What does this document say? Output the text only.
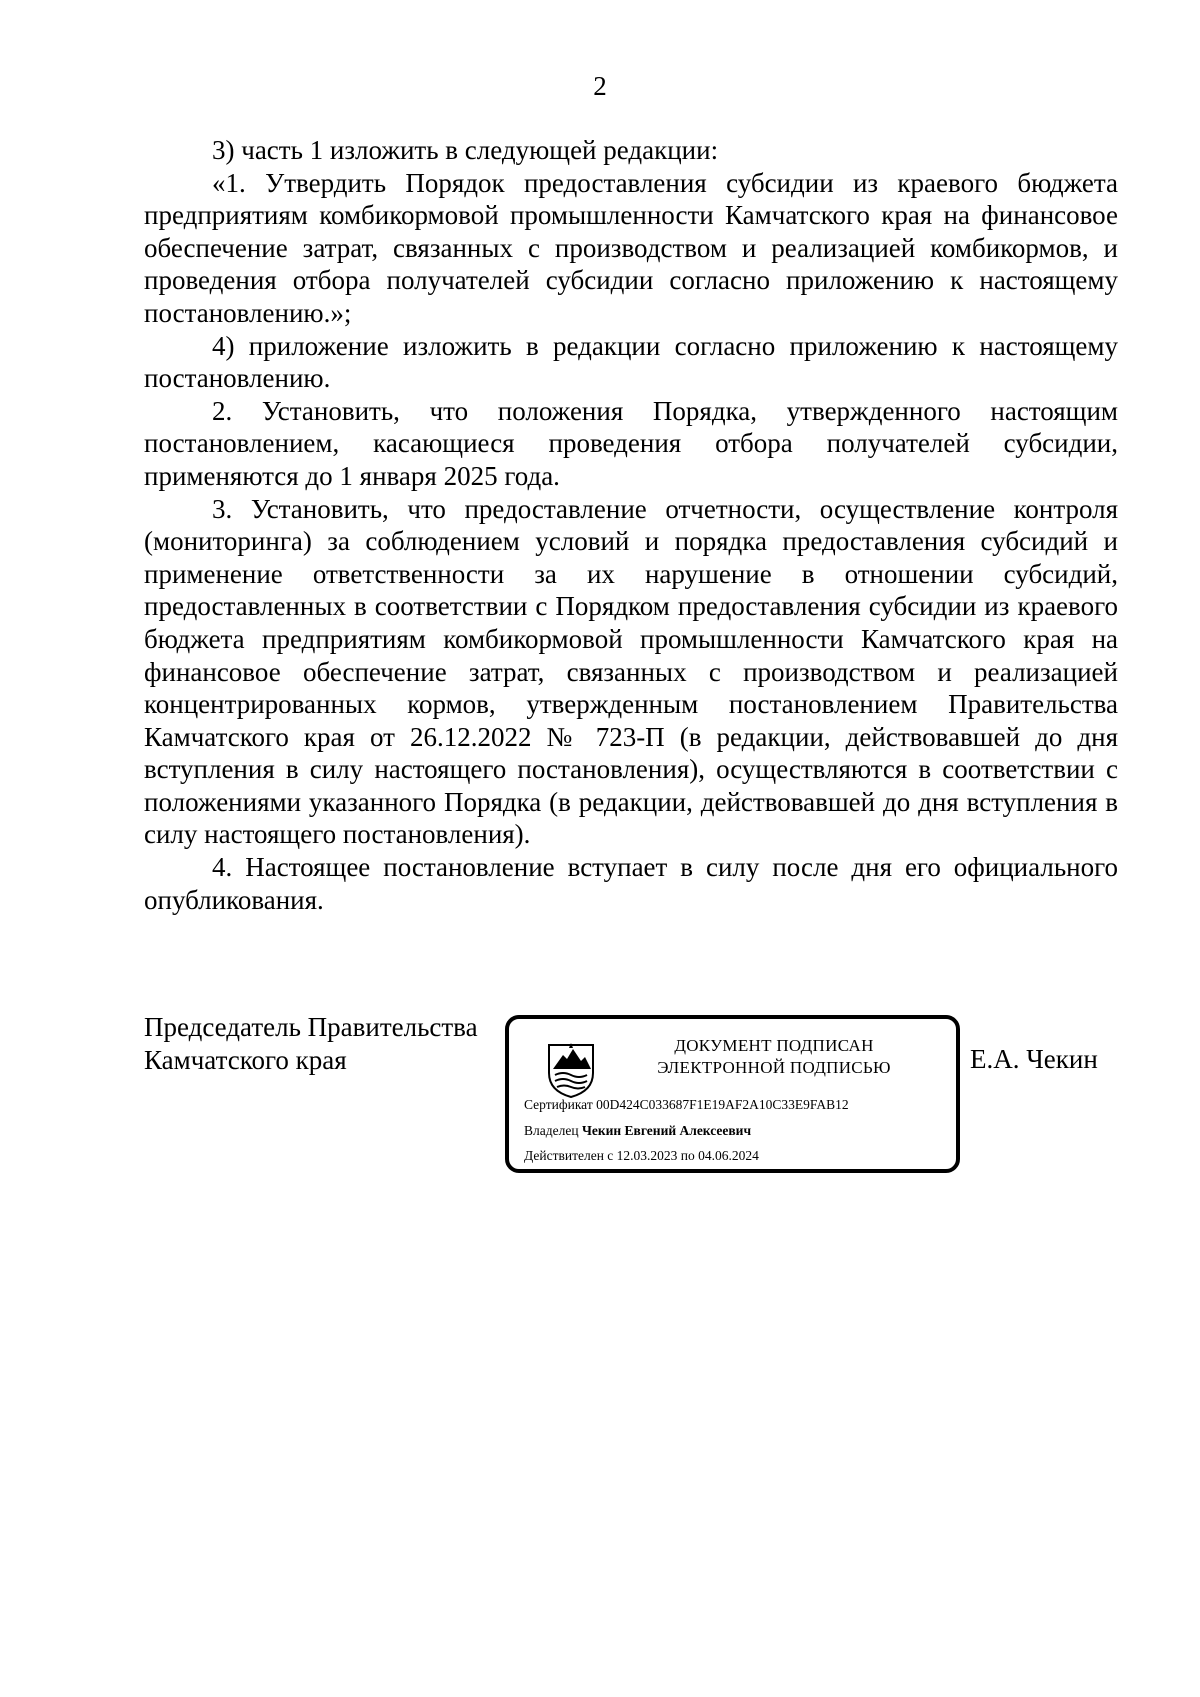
2

3) часть 1 изложить в следующей редакции:

«1. Утвердить Порядок предоставления субсидии из краевого бюджета предприятиям комбикормовой промышленности Камчатского края на финансовое обеспечение затрат, связанных с производством и реализацией комбикормов, и проведения отбора получателей субсидии согласно приложению к настоящему постановлению.»;

4) приложение изложить в редакции согласно приложению к настоящему постановлению.

2. Установить, что положения Порядка, утвержденного настоящим постановлением, касающиеся проведения отбора получателей субсидии, применяются до 1 января 2025 года.

3. Установить, что предоставление отчетности, осуществление контроля (мониторинга) за соблюдением условий и порядка предоставления субсидий и применение ответственности за их нарушение в отношении субсидий, предоставленных в соответствии с Порядком предоставления субсидии из краевого бюджета предприятиям комбикормовой промышленности Камчатского края на финансовое обеспечение затрат, связанных с производством и реализацией концентрированных кормов, утвержденным постановлением Правительства Камчатского края от 26.12.2022 № 723-П (в редакции, действовавшей до дня вступления в силу настоящего постановления), осуществляются в соответствии с положениями указанного Порядка (в редакции, действовавшей до дня вступления в силу настоящего постановления).

4. Настоящее постановление вступает в силу после дня его официального опубликования.

Председатель Правительства
Камчатского края	ДОКУМЕНТ ПОДПИСАН
ЭЛЕКТРОННОЙ ПОДПИСЬЮ
Сертификат 00D424C033687F1E19AF2A10C33E9FAB12
Владелец Чекин Евгений Алексеевич
Действителен с 12.03.2023 по 04.06.2024
Е.А. Чекин
